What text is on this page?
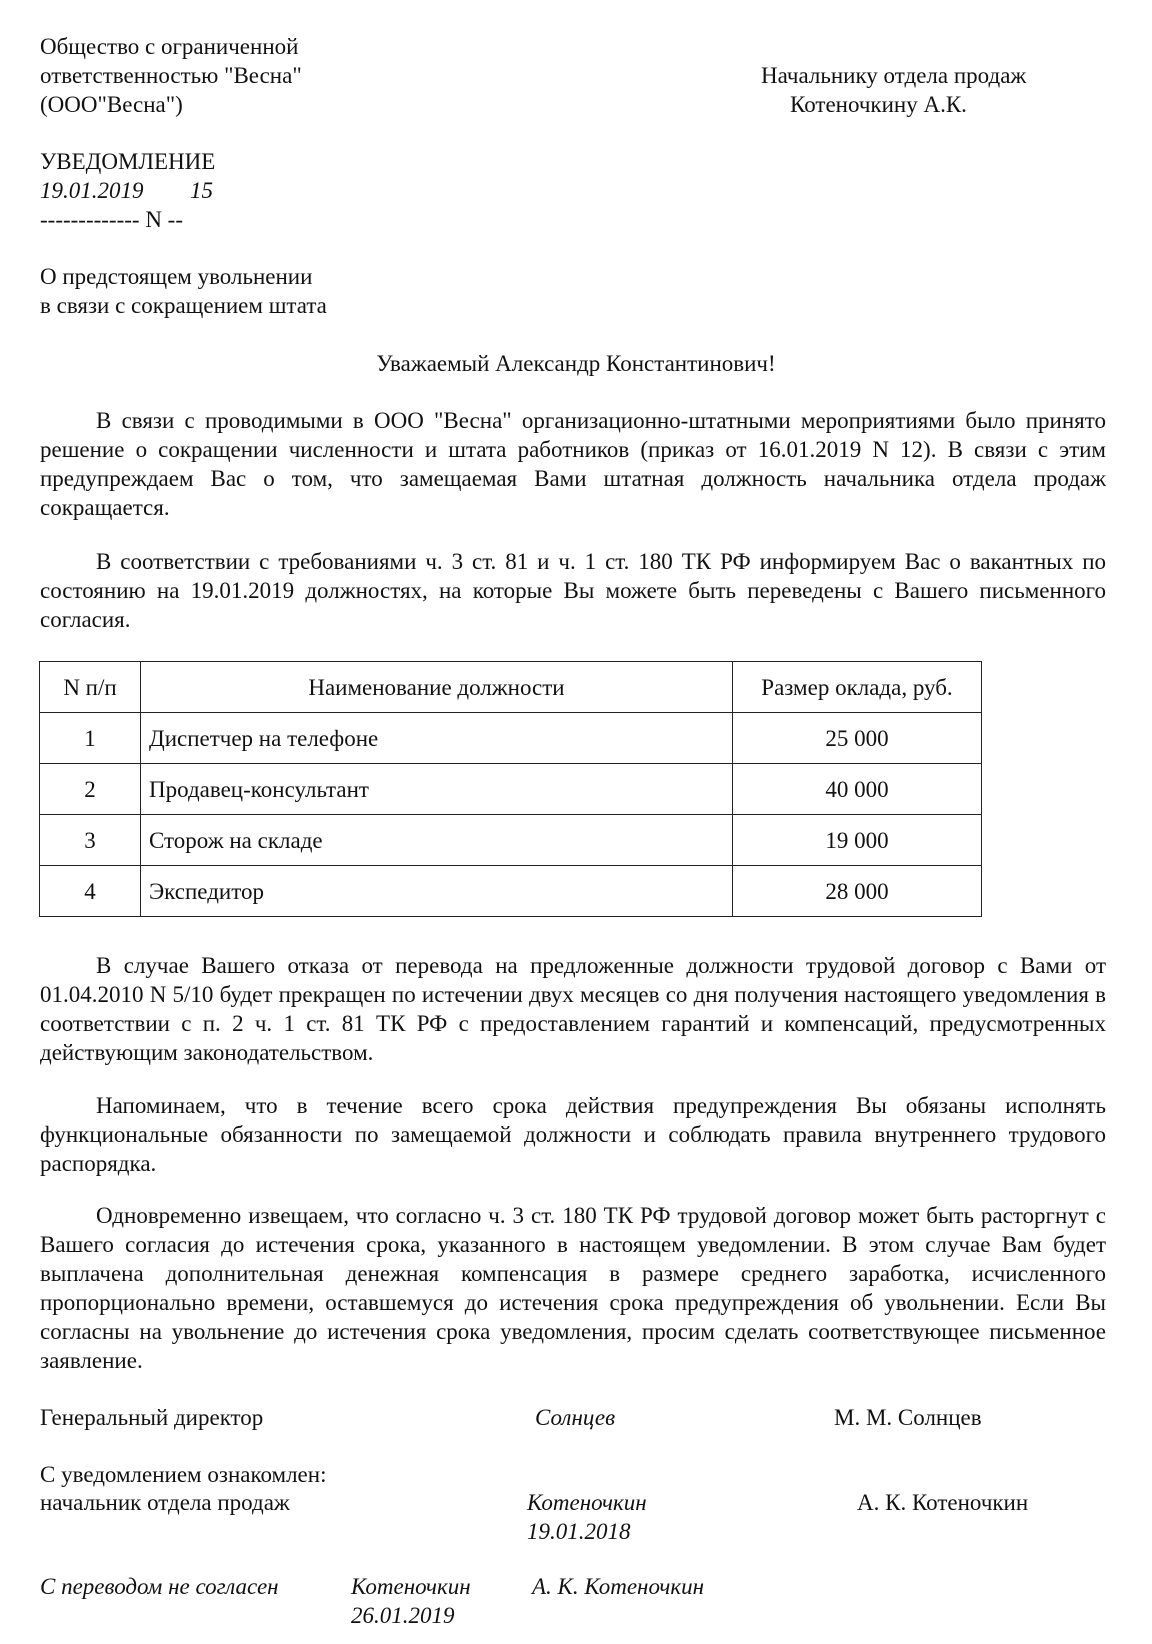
Общество с ограниченной
ответственностью "Весна"
(ООО"Весна")
Начальнику отдела продаж
Котеночкину А.К.
УВЕДОМЛЕНИЕ
19.01.2019 15
------------- N --
О предстоящем увольнении
в связи с сокращением штата
Уважаемый Александр Константинович!
В связи с проводимыми в ООО "Весна" организационно-штатными мероприятиями было принято решение о сокращении численности и штата работников (приказ от 16.01.2019 N 12). В связи с этим предупреждаем Вас о том, что замещаемая Вами штатная должность начальника отдела продаж сокращается.
В соответствии с требованиями ч. 3 ст. 81 и ч. 1 ст. 180 ТК РФ информируем Вас о вакантных по состоянию на 19.01.2019 должностях, на которые Вы можете быть переведены с Вашего письменного согласия.
N п/п	Наименование должности	Размер оклада, руб.
1	Диспетчер на телефоне	25 000
2	Продавец-консультант	40 000
3	Сторож на складе	19 000
4	Экспедитор	28 000
В случае Вашего отказа от перевода на предложенные должности трудовой договор с Вами от 01.04.2010 N 5/10 будет прекращен по истечении двух месяцев со дня получения настоящего уведомления в соответствии с п. 2 ч. 1 ст. 81 ТК РФ с предоставлением гарантий и компенсаций, предусмотренных действующим законодательством.
Напоминаем, что в течение всего срока действия предупреждения Вы обязаны исполнять функциональные обязанности по замещаемой должности и соблюдать правила внутреннего трудового распорядка.
Одновременно извещаем, что согласно ч. 3 ст. 180 ТК РФ трудовой договор может быть расторгнут с Вашего согласия до истечения срока, указанного в настоящем уведомлении. В этом случае Вам будет выплачена дополнительная денежная компенсация в размере среднего заработка, исчисленного пропорционально времени, оставшемуся до истечения срока предупреждения об увольнении. Если Вы согласны на увольнение до истечения срока уведомления, просим сделать соответствующее письменное заявление.
Генеральный директор	Солнцев	М. М. Солнцев
С уведомлением ознакомлен:
начальник отдела продаж	Котеночкин
19.01.2018
А. К. Котеночкин
С переводом не согласен	Котеночкин
26.01.2019
А. К. Котеночкин
